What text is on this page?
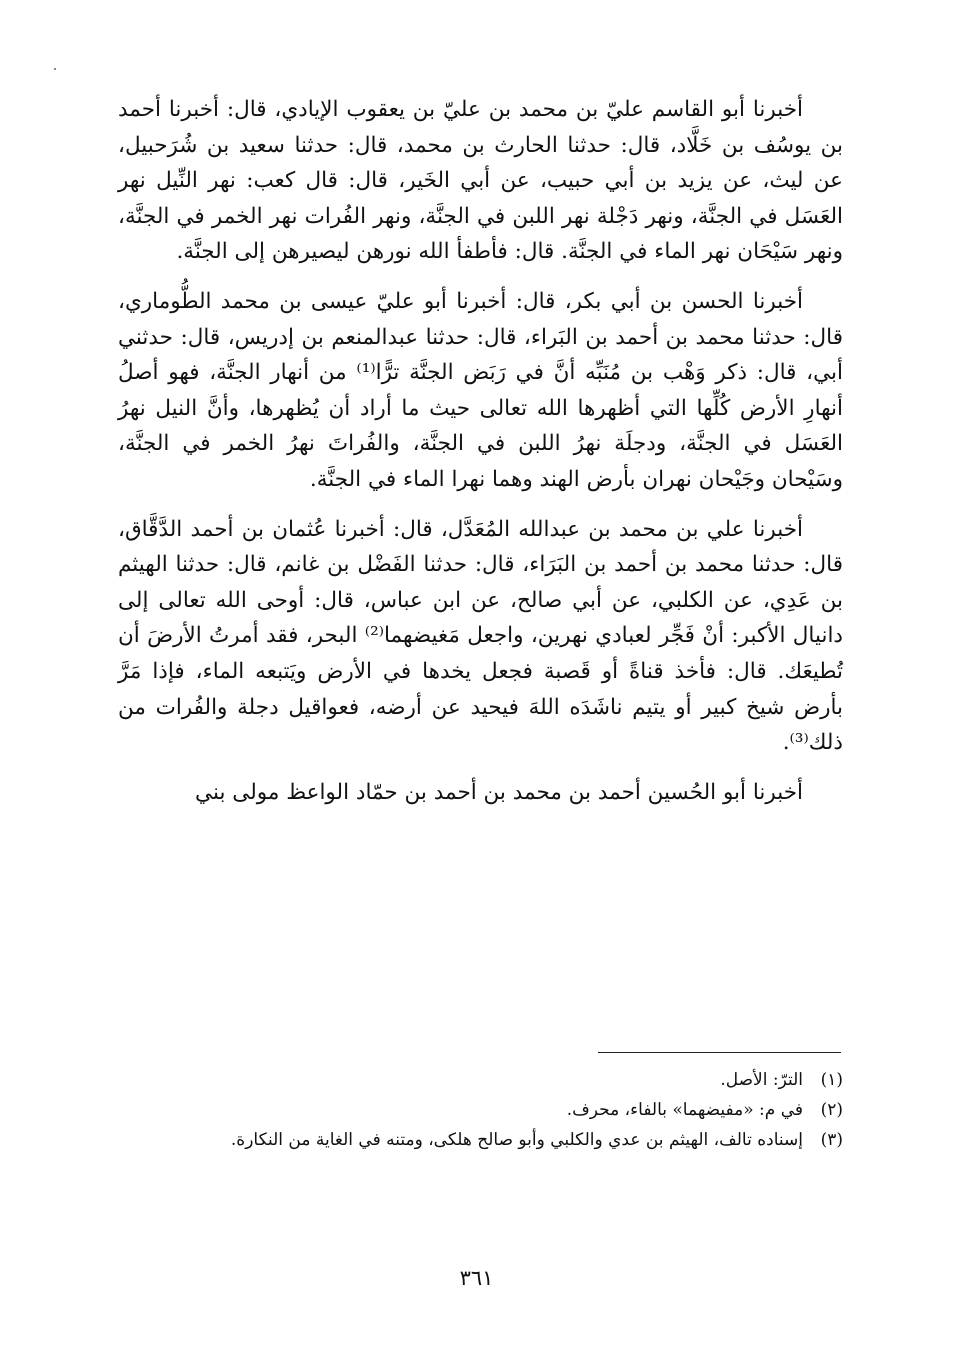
أخبرنا أبو القاسم عليّ بن محمد بن عليّ بن يعقوب الإيادي، قال: أخبرنا أحمد بن يوسُف بن خَلَّاد، قال: حدثنا الحارث بن محمد، قال: حدثنا سعيد بن شُرَحبيل، عن ليث، عن يزيد بن أبي حبيب، عن أبي الخَير، قال: قال كعب: نهر النِّيل نهر العَسَل في الجنَّة، ونهر دَجْلة نهر اللبن في الجنَّة، ونهر الفُرات نهر الخمر في الجنَّة، ونهر سَيْحَان نهر الماء في الجنَّة. قال: فأطفأ الله نورهن ليصيرهن إلى الجنَّة.

أخبرنا الحسن بن أبي بكر، قال: أخبرنا أبو عليّ عيسى بن محمد الطُّوماري، قال: حدثنا محمد بن أحمد بن البَراء، قال: حدثنا عبدالمنعم بن إدريس، قال: حدثني أبي، قال: ذكر وَهْب بن مُنَبِّه أنَّ في رَبَض الجنَّة ترًّا⁽¹⁾ من أنهار الجنَّة، فهو أصلُ أنهارِ الأرض كُلِّها التي أظهرها الله تعالى حيث ما أراد أن يُظهرها، وأنَّ النيل نهرُ العَسَل في الجنَّة، ودجلَة نهرُ اللبن في الجنَّة، والفُراتَ نهرُ الخمر في الجنَّة، وسَيْحان وجَيْحان نهران بأرض الهند وهما نهرا الماء في الجنَّة.

أخبرنا علي بن محمد بن عبدالله المُعَدَّل، قال: أخبرنا عُثمان بن أحمد الدَّقَّاق، قال: حدثنا محمد بن أحمد بن البَرَاء، قال: حدثنا الفَضْل بن غانم، قال: حدثنا الهيثم بن عَدِي، عن الكلبي، عن أبي صالح، عن ابن عباس، قال: أوحى الله تعالى إلى دانيال الأكبر: أنْ فَجِّر لعبادي نهرين، واجعل مَغيضهما⁽²⁾ البحر، فقد أمرتُ الأرضَ أن تُطيعَك. قال: فأخذ قناةً أو قَصبة فجعل يخدها في الأرض ويَتبعه الماء، فإذا مَرَّ بأرض شيخ كبير أو يتيم ناشَدَه اللهَ فيحيد عن أرضه، فعواقيل دجلة والفُرات من ذلك⁽³⁾.

أخبرنا أبو الحُسين أحمد بن محمد بن أحمد بن حمّاد الواعظ مولى بني

(١)
الترّ: الأصل.
(٢)
في م: «مفيضهما» بالفاء، محرف.
(٣)
إسناده تالف، الهيثم بن عدي والكلبي وأبو صالح هلكى، ومتنه في الغاية من النكارة.
٣٦١
